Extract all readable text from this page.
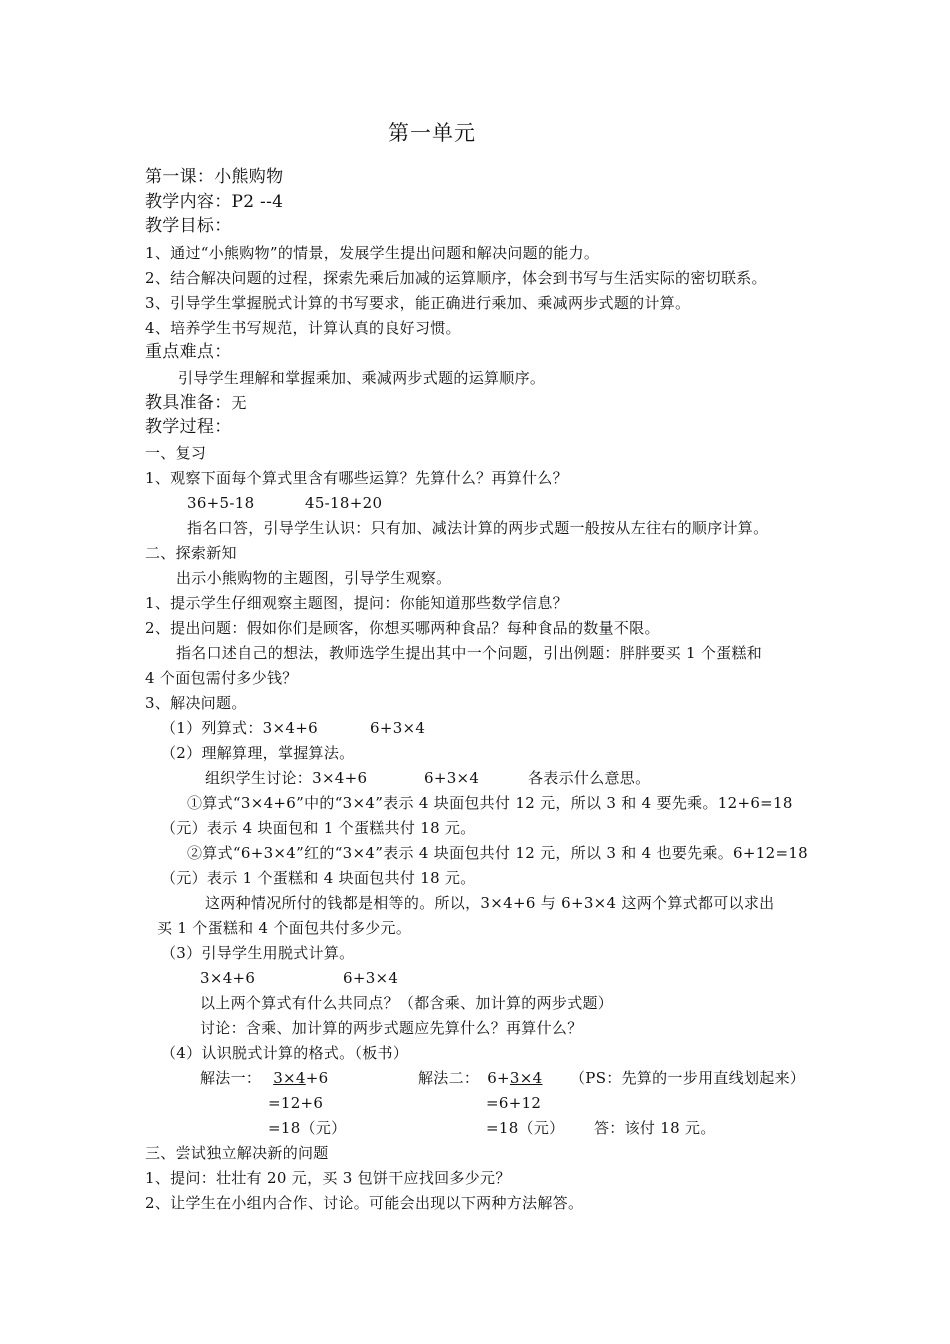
第一单元
第一课：小熊购物
教学内容：P2 --4
教学目标：
1、通过“小熊购物”的情景，发展学生提出问题和解决问题的能力。
2、结合解决问题的过程，探索先乘后加减的运算顺序，体会到书写与生活实际的密切联系。
3、引导学生掌握脱式计算的书写要求，能正确进行乘加、乘减两步式题的计算。
4、培养学生书写规范，计算认真的良好习惯。
重点难点：
引导学生理解和掌握乘加、乘减两步式题的运算顺序。
教具准备：无
教学过程：
一、复习
1、观察下面每个算式里含有哪些运算？先算什么？再算什么？
36+5-18	45-18+20
指名口答，引导学生认识：只有加、减法计算的两步式题一般按从左往右的顺序计算。
二、探索新知
出示小熊购物的主题图，引导学生观察。
1、提示学生仔细观察主题图，提问：你能知道那些数学信息？
2、提出问题：假如你们是顾客，你想买哪两种食品？每种食品的数量不限。
指名口述自己的想法，教师选学生提出其中一个问题，引出例题：胖胖要买 1 个蛋糕和
4 个面包需付多少钱？
3、解决问题。
（1）列算式：3×4+6	6+3×4
（2）理解算理，掌握算法。
组织学生讨论：3×4+6	6+3×4	各表示什么意思。
①算式“3×4+6”中的“3×4”表示 4 块面包共付 12 元，所以 3 和 4 要先乘。12+6=18
（元）表示 4 块面包和 1 个蛋糕共付 18 元。
②算式“6+3×4”红的“3×4”表示 4 块面包共付 12 元，所以 3 和 4 也要先乘。6+12=18
（元）表示 1 个蛋糕和 4 块面包共付 18 元。
这两种情况所付的钱都是相等的。所以，3×4+6 与 6+3×4 这两个算式都可以求出
买 1 个蛋糕和 4 个面包共付多少元。
（3）引导学生用脱式计算。
3×4+6	6+3×4
以上两个算式有什么共同点？（都含乘、加计算的两步式题）
讨论：含乘、加计算的两步式题应先算什么？再算什么？
（4）认识脱式计算的格式。（板书）
解法一： 3×4+6	解法二： 6+3×4 （PS：先算的一步用直线划起来）
=12+6	=6+12
=18（元）	=18（元） 答：该付 18 元。
三、尝试独立解决新的问题
1、提问：壮壮有 20 元，买 3 包饼干应找回多少元？
2、让学生在小组内合作、讨论。可能会出现以下两种方法解答。
